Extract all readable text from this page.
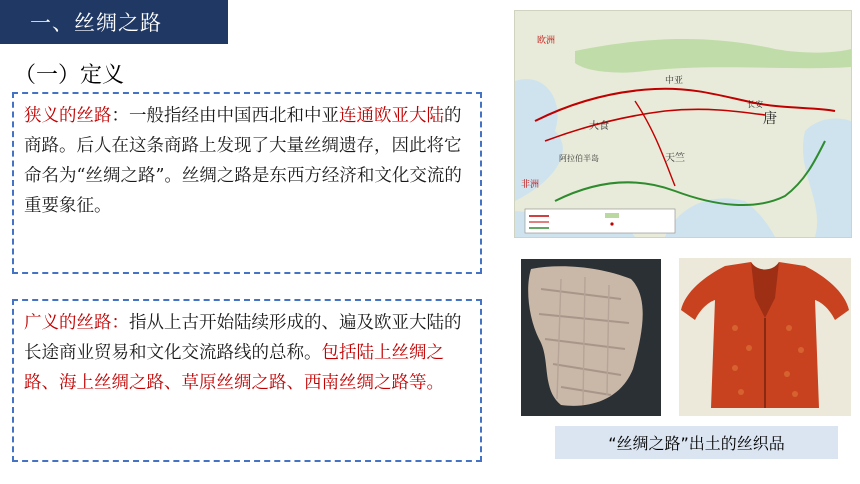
一、丝绸之路
（一）定义
狭义的丝路：一般指经由中国西北和中亚连通欧亚大陆的商路。后人在这条商路上发现了大量丝绸遗存，因此将它命名为“丝绸之路”。丝绸之路是东西方经济和文化交流的重要象征。
广义的丝路：指从上古开始陆续形成的、遍及欧亚大陆的长途商业贸易和文化交流路线的总称。包括陆上丝绸之路、海上丝绸之路、草原丝绸之路、西南丝绸之路等。
欧洲
中亚
大食
天竺
唐
长安
非洲
阿拉伯半岛
“丝绸之路”出土的丝织品
